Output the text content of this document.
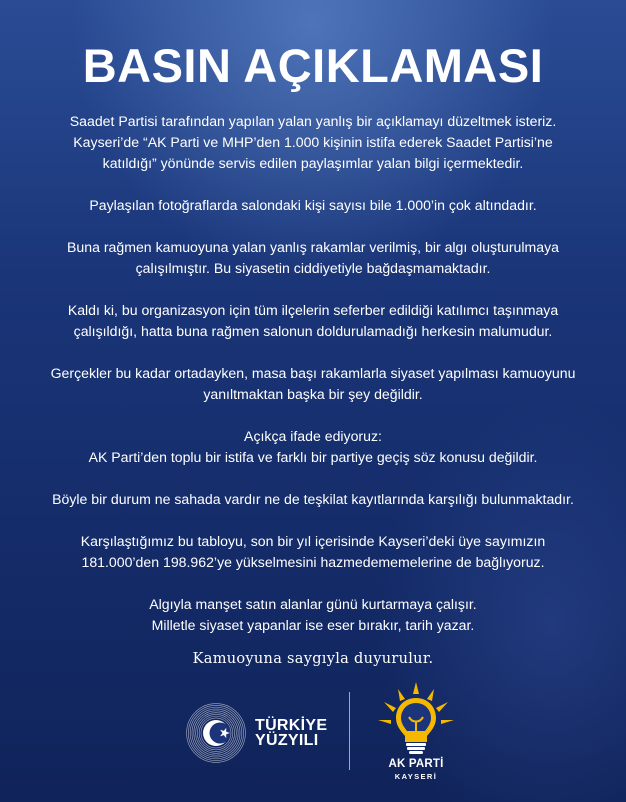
BASIN AÇIKLAMASI

Saadet Partisi tarafından yapılan yalan yanlış bir açıklamayı düzeltmek isteriz.
Kayseri’de “AK Parti ve MHP’den 1.000 kişinin istifa ederek Saadet Partisi’ne
katıldığı” yönünde servis edilen paylaşımlar yalan bilgi içermektedir.

Paylaşılan fotoğraflarda salondaki kişi sayısı bile 1.000’in çok altındadır.

Buna rağmen kamuoyuna yalan yanlış rakamlar verilmiş, bir algı oluşturulmaya
çalışılmıştır. Bu siyasetin ciddiyetiyle bağdaşmamaktadır.

Kaldı ki, bu organizasyon için tüm ilçelerin seferber edildiği katılımcı taşınmaya
çalışıldığı, hatta buna rağmen salonun doldurulamadığı herkesin malumudur.

Gerçekler bu kadar ortadayken, masa başı rakamlarla siyaset yapılması kamuoyunu
yanıltmaktan başka bir şey değildir.

Açıkça ifade ediyoruz:
AK Parti’den toplu bir istifa ve farklı bir partiye geçiş söz konusu değildir.

Böyle bir durum ne sahada vardır ne de teşkilat kayıtlarında karşılığı bulunmaktadır.

Karşılaştığımız bu tabloyu, son bir yıl içerisinde Kayseri’deki üye sayımızın
181.000’den 198.962’ye yükselmesini hazmedememelerine de bağlıyoruz.

Algıyla manşet satın alanlar günü kurtarmaya çalışır.
Milletle siyaset yapanlar ise eser bırakır, tarih yazar.

Kamuoyuna saygıyla duyurulur.
TÜRKİYE
YÜZYILI
AK PARTİ
KAYSERİ
